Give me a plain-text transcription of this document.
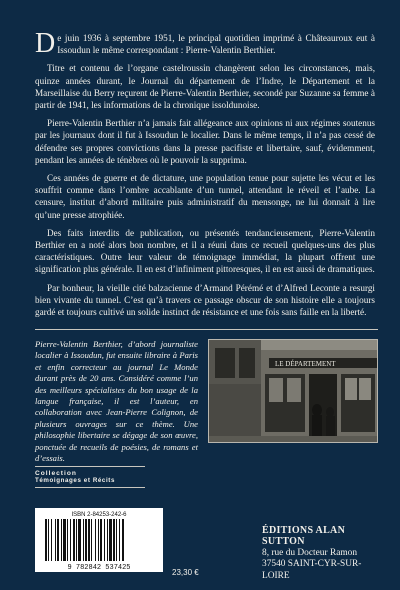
De juin 1936 à septembre 1951, le principal quotidien imprimé à Châteauroux eut à Issoudun le même correspondant : Pierre-Valentin Berthier.

Titre et contenu de l’organe castelroussin changèrent selon les circonstances, mais, quinze années durant, le Journal du département de l’Indre, le Département et la Marseillaise du Berry reçurent de Pierre-Valentin Berthier, secondé par Suzanne sa femme à partir de 1941, les informations de la chronique issoldunoise.

Pierre-Valentin Berthier n’a jamais fait allégeance aux opinions ni aux régimes soutenus par les journaux dont il fut à Issoudun le localier. Dans le même temps, il n’a pas cessé de défendre ses propres convictions dans la presse pacifiste et libertaire, sauf, évidemment, pendant les années de ténèbres où le pouvoir la supprima.

Ces années de guerre et de dictature, une population tenue pour sujette les vécut et les souffrit comme dans l’ombre accablante d’un tunnel, attendant le réveil et l’aube. La censure, institut d’abord militaire puis administratif du mensonge, ne lui donnait à lire qu’une presse atrophiée.

Des faits interdits de publication, ou présentés tendancieusement, Pierre-Valentin Berthier en a noté alors bon nombre, et il a réuni dans ce recueil quelques-uns des plus caractéristiques. Outre leur valeur de témoignage immédiat, la plupart offrent une signification plus générale. Il en est d’infiniment pittoresques, il en est aussi de dramatiques.

Par bonheur, la vieille cité balzacienne d’Armand Pérémé et d’Alfred Leconte a resurgi bien vivante du tunnel. C’est qu’à travers ce passage obscur de son histoire elle a toujours gardé et toujours cultivé un solide instinct de résistance et une fois sans faille en la liberté.

Pierre-Valentin Berthier, d’abord journaliste localier à Issoudun, fut ensuite libraire à Paris et enfin correcteur au journal Le Monde durant près de 20 ans. Considéré comme l’un des meilleurs spécialistes du bon usage de la langue française, il est l’auteur, en collaboration avec Jean-Pierre Colignon, de plusieurs ouvrages sur ce thème. Une philosophie libertaire se dégage de son œuvre, ponctuée de recueils de poésies, de romans et d’essais.
LE DÉPARTEMENT
Collection
Témoignages et Récits
ISBN 2-84253-242-6
9 782842 537425	23,30 €
ÉDITIONS ALAN SUTTON
8, rue du Docteur Ramon
37540 SAINT-CYR-SUR-LOIRE
